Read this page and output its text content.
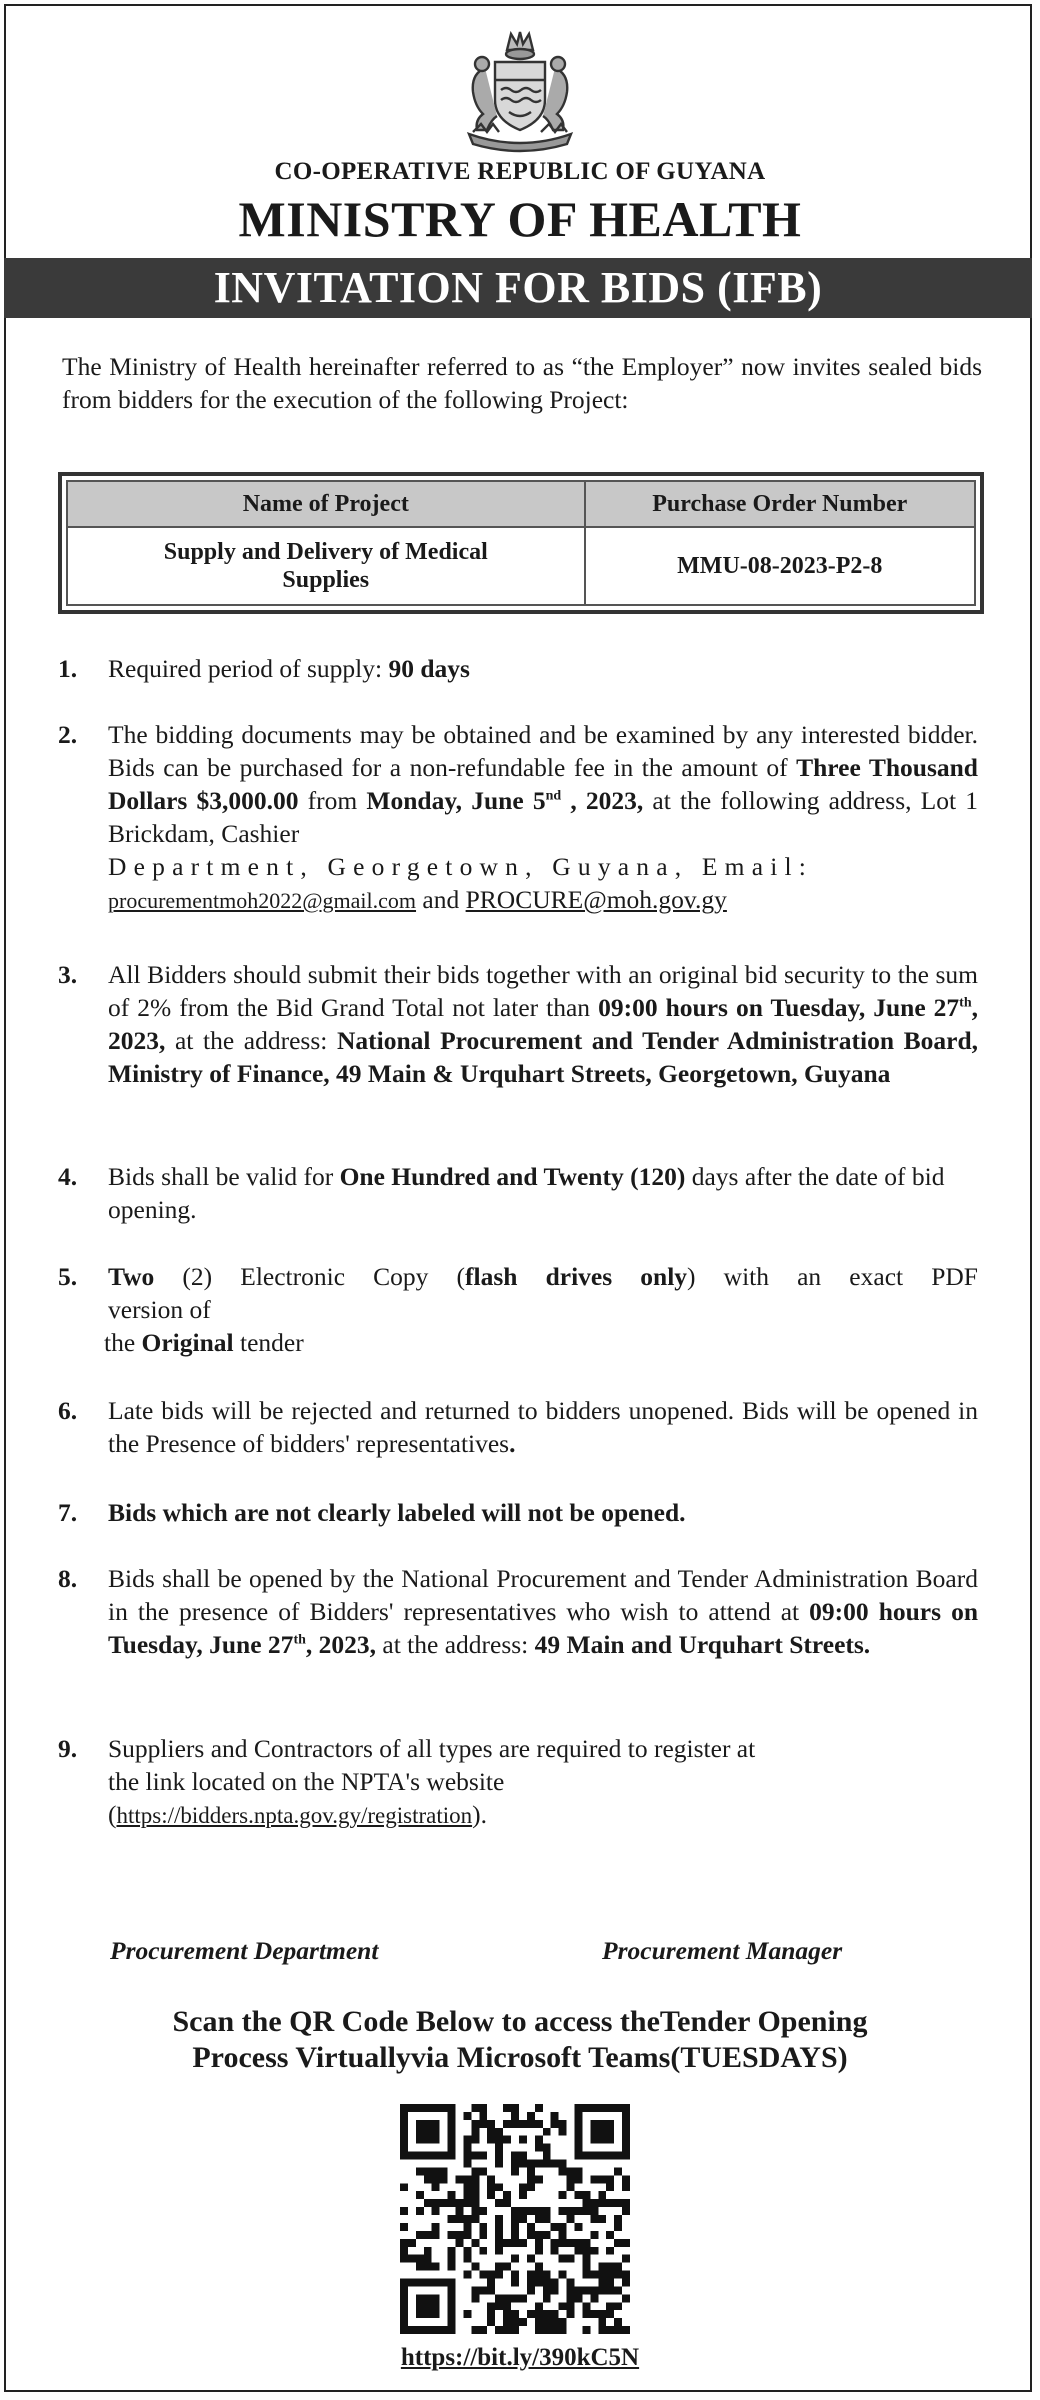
CO-OPERATIVE REPUBLIC OF GUYANA
MINISTRY OF HEALTH
INVITATION FOR BIDS (IFB)
The Ministry of Health hereinafter referred to as “the Employer” now invites sealed bids from bidders for the execution of the following Project:
Name of Project	Purchase Order Number
Supply and Delivery of Medical
Supplies	MMU-08-2023-P2-8
1. Required period of supply: 90 days
2. The bidding documents may be obtained and be examined by any interested bidder. Bids can be purchased for a non-refundable fee in the amount of Three Thousand Dollars $3,000.00 from Monday, June 5nd , 2023, at the following address, Lot 1 Brickdam, Cashier
Department, Georgetown, Guyana, Email:
procurementmoh2022@gmail.com and PROCURE@moh.gov.gy
3. All Bidders should submit their bids together with an original bid security to the sum of 2% from the Bid Grand Total not later than 09:00 hours on Tuesday, June 27th, 2023, at the address: National Procurement and Tender Administration Board, Ministry of Finance, 49 Main & Urquhart Streets, Georgetown, Guyana
4. Bids shall be valid for One Hundred and Twenty (120) days after the date of bid opening.
5. Two (2) Electronic Copy (flash drives only) with an exact PDF
version of
the Original tender
6. Late bids will be rejected and returned to bidders unopened. Bids will be opened in the Presence of bidders' representatives.
7. Bids which are not clearly labeled will not be opened.
8. Bids shall be opened by the National Procurement and Tender Administration Board in the presence of Bidders' representatives who wish to attend at 09:00 hours on Tuesday, June 27th, 2023, at the address: 49 Main and Urquhart Streets.
9. Suppliers and Contractors of all types are required to register at
the link located on the NPTA's website
(https://bidders.npta.gov.gy/registration).
Procurement Department	Procurement Manager
Scan the QR Code Below to access theTender Opening
Process Virtuallyvia Microsoft Teams(TUESDAYS)
https://bit.ly/390kC5N
